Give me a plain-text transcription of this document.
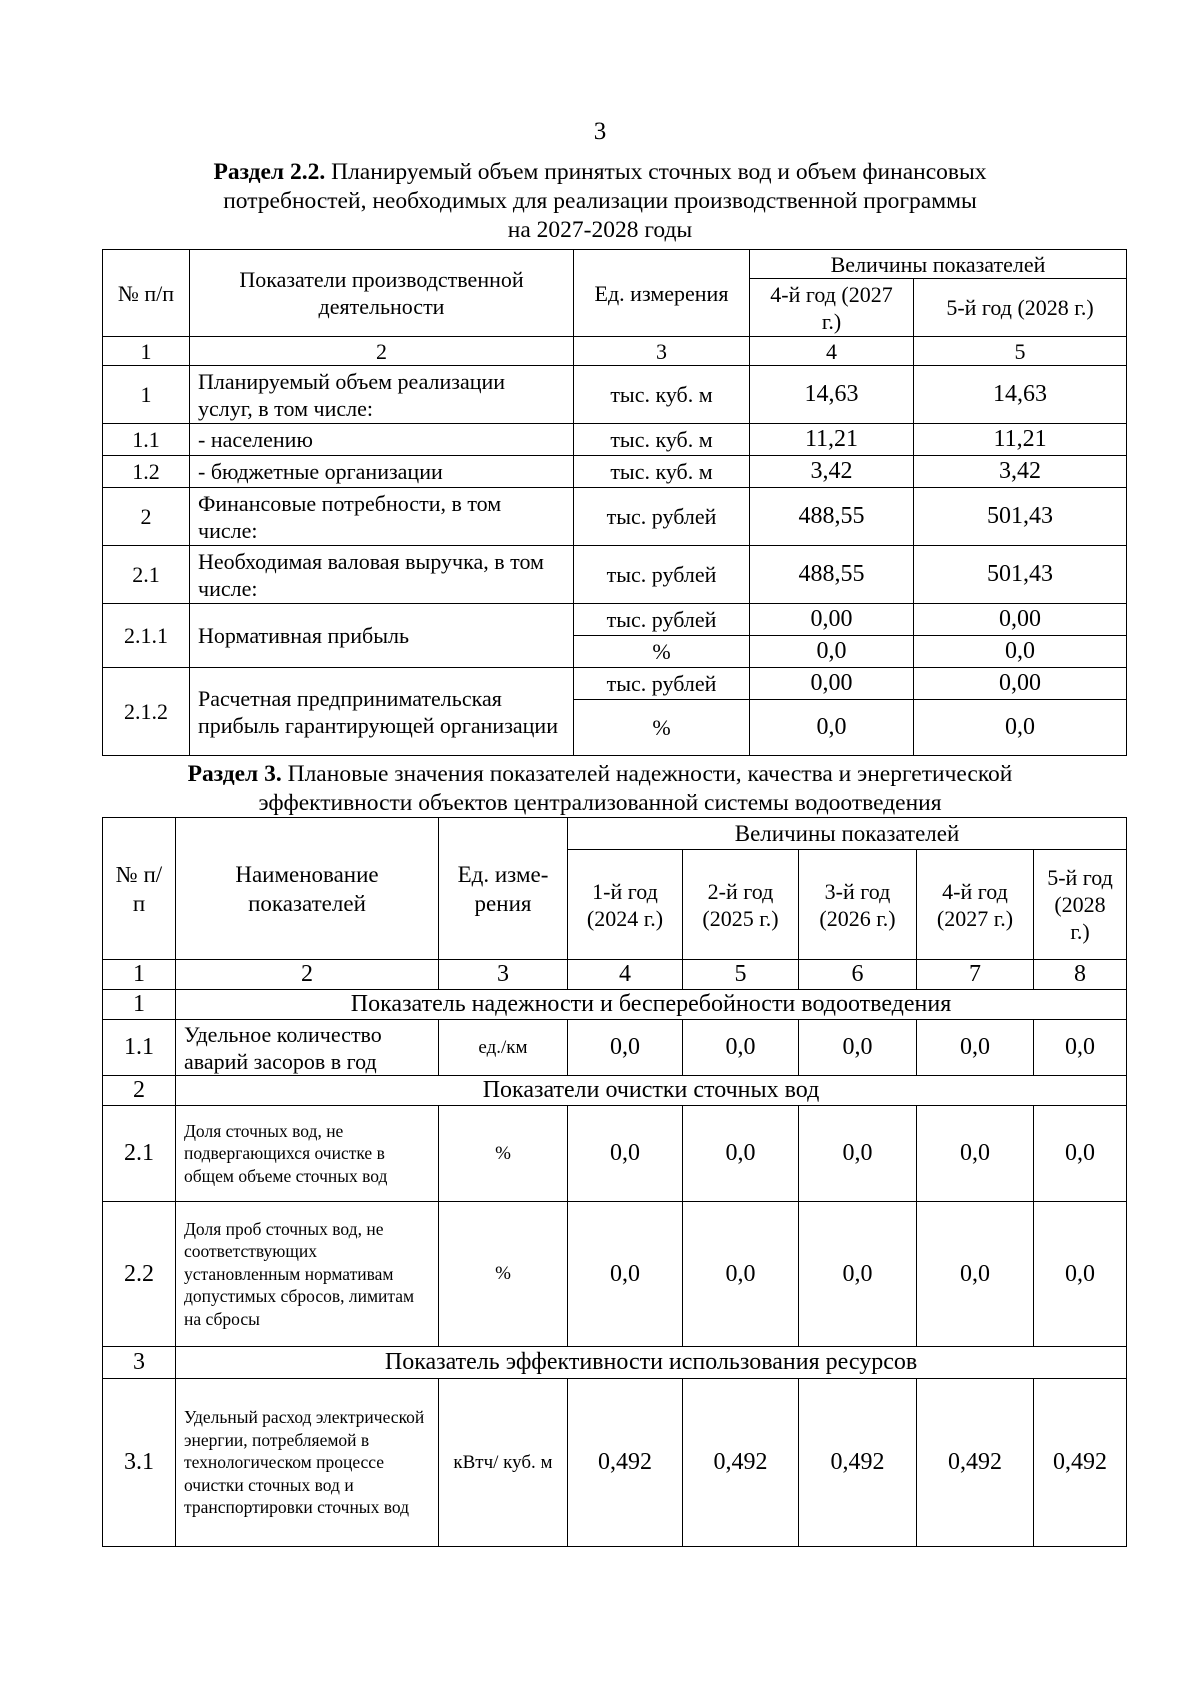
3
Раздел 2.2. Планируемый объем принятых сточных вод и объем финансовых
потребностей, необходимых для реализации производственной программы
на 2027-2028 годы
№ п/п	Показатели производственной деятельности	Ед. измерения	Величины показателей	
			4-й год (2027 г.)	5-й год (2028 г.)
1	2	3	4	5
1	Планируемый объем реализации услуг, в том числе:	тыс. куб. м	14,63	14,63
1.1	- населению	тыс. куб. м	11,21	11,21
1.2	- бюджетные организации	тыс. куб. м	3,42	3,42
2	Финансовые потребности, в том числе:	тыс. рублей	488,55	501,43
2.1	Необходимая валовая выручка, в том числе:	тыс. рублей	488,55	501,43
2.1.1	Нормативная прибыль	тыс. рублей	0,00	0,00
		%	0,0	0,0
2.1.2	Расчетная предпринимательская прибыль гарантирующей организации	тыс. рублей	0,00	0,00
		%	0,0	0,0
Раздел 3. Плановые значения показателей надежности, качества и энергетической
эффективности объектов централизованной системы водоотведения
№ п/п	Наименование показателей	Ед. изме-рения	Величины показателей				
			1-й год (2024 г.)	2-й год (2025 г.)	3-й год (2026 г.)	4-й год (2027 г.)	5-й год (2028 г.)
1	2	3	4	5	6	7	8
1	Показатель надежности и бесперебойности водоотведения						
1.1	Удельное количество аварий засоров в год	ед./км	0,0	0,0	0,0	0,0	0,0
2	Показатели очистки сточных вод						
2.1	Доля сточных вод, не подвергающихся очистке в общем объеме сточных вод	%	0,0	0,0	0,0	0,0	0,0
2.2	Доля проб сточных вод, не соответствующих установленным нормативам допустимых сбросов, лимитам на сбросы	%	0,0	0,0	0,0	0,0	0,0
3	Показатель эффективности использования ресурсов						
3.1	Удельный расход электрической энергии, потребляемой в технологическом процессе очистки сточных вод и транспортировки сточных вод	кВтч/ куб. м	0,492	0,492	0,492	0,492	0,492
